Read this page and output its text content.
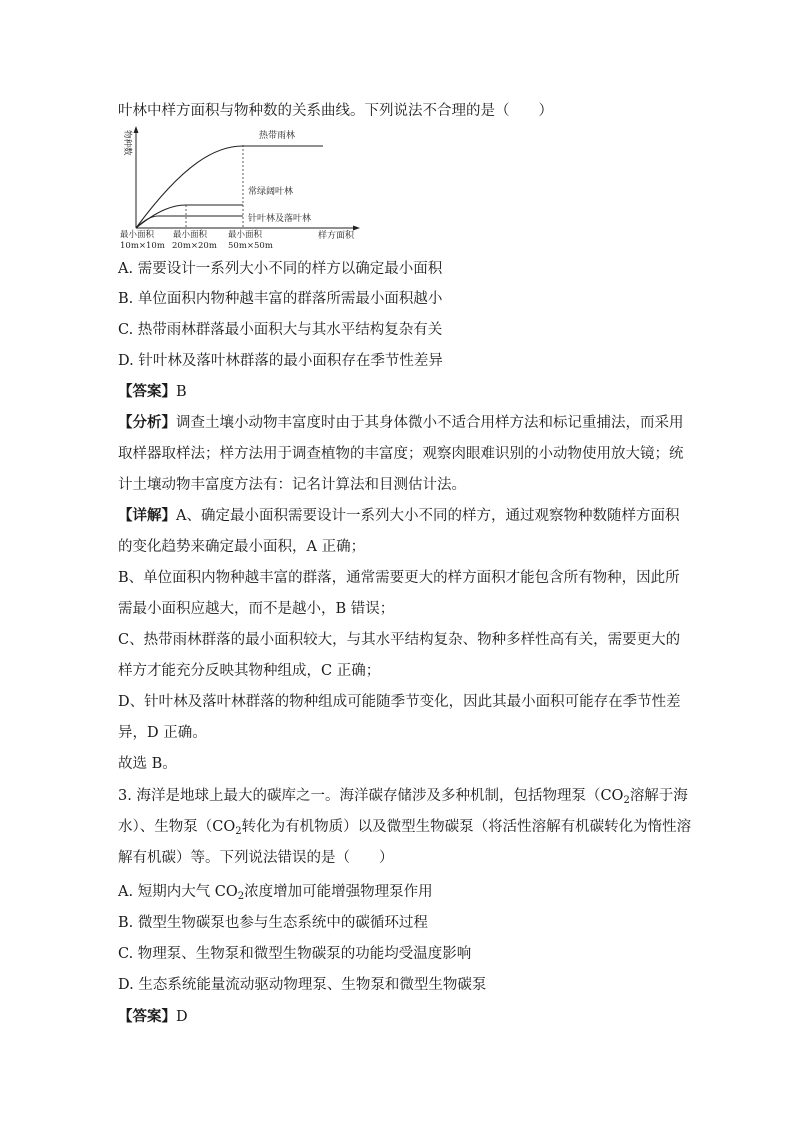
叶林中样方面积与物种数的关系曲线。下列说法不合理的是（　　）
物种数	热带雨林
常绿阔叶林
针叶林及落叶林
样方面积
最小面积
10m×10m
最小面积
20m×20m
最小面积
50m×50m
A. 需要设计一系列大小不同的样方以确定最小面积
B. 单位面积内物种越丰富的群落所需最小面积越小
C. 热带雨林群落最小面积大与其水平结构复杂有关
D. 针叶林及落叶林群落的最小面积存在季节性差异
【答案】B
【分析】调查土壤小动物丰富度时由于其身体微小不适合用样方法和标记重捕法，而采用
取样器取样法；样方法用于调查植物的丰富度；观察肉眼难识别的小动物使用放大镜；统
计土壤动物丰富度方法有：记名计算法和目测估计法。
【详解】A、确定最小面积需要设计一系列大小不同的样方，通过观察物种数随样方面积
的变化趋势来确定最小面积，A 正确；
B、单位面积内物种越丰富的群落，通常需要更大的样方面积才能包含所有物种，因此所
需最小面积应越大，而不是越小，B 错误；
C、热带雨林群落的最小面积较大，与其水平结构复杂、物种多样性高有关，需要更大的
样方才能充分反映其物种组成，C 正确；
D、针叶林及落叶林群落的物种组成可能随季节变化，因此其最小面积可能存在季节性差
异，D 正确。
故选 B。
3. 海洋是地球上最大的碳库之一。海洋碳存储涉及多种机制，包括物理泵（$CO_2$溶解于海
水）、生物泵（$CO_2$转化为有机物质）以及微型生物碳泵（将活性溶解有机碳转化为惰性溶
解有机碳）等。下列说法错误的是（　　）
A. 短期内大气 $CO_2$浓度增加可能增强物理泵作用
B. 微型生物碳泵也参与生态系统中的碳循环过程
C. 物理泵、生物泵和微型生物碳泵的功能均受温度影响
D. 生态系统能量流动驱动物理泵、生物泵和微型生物碳泵
【答案】D
